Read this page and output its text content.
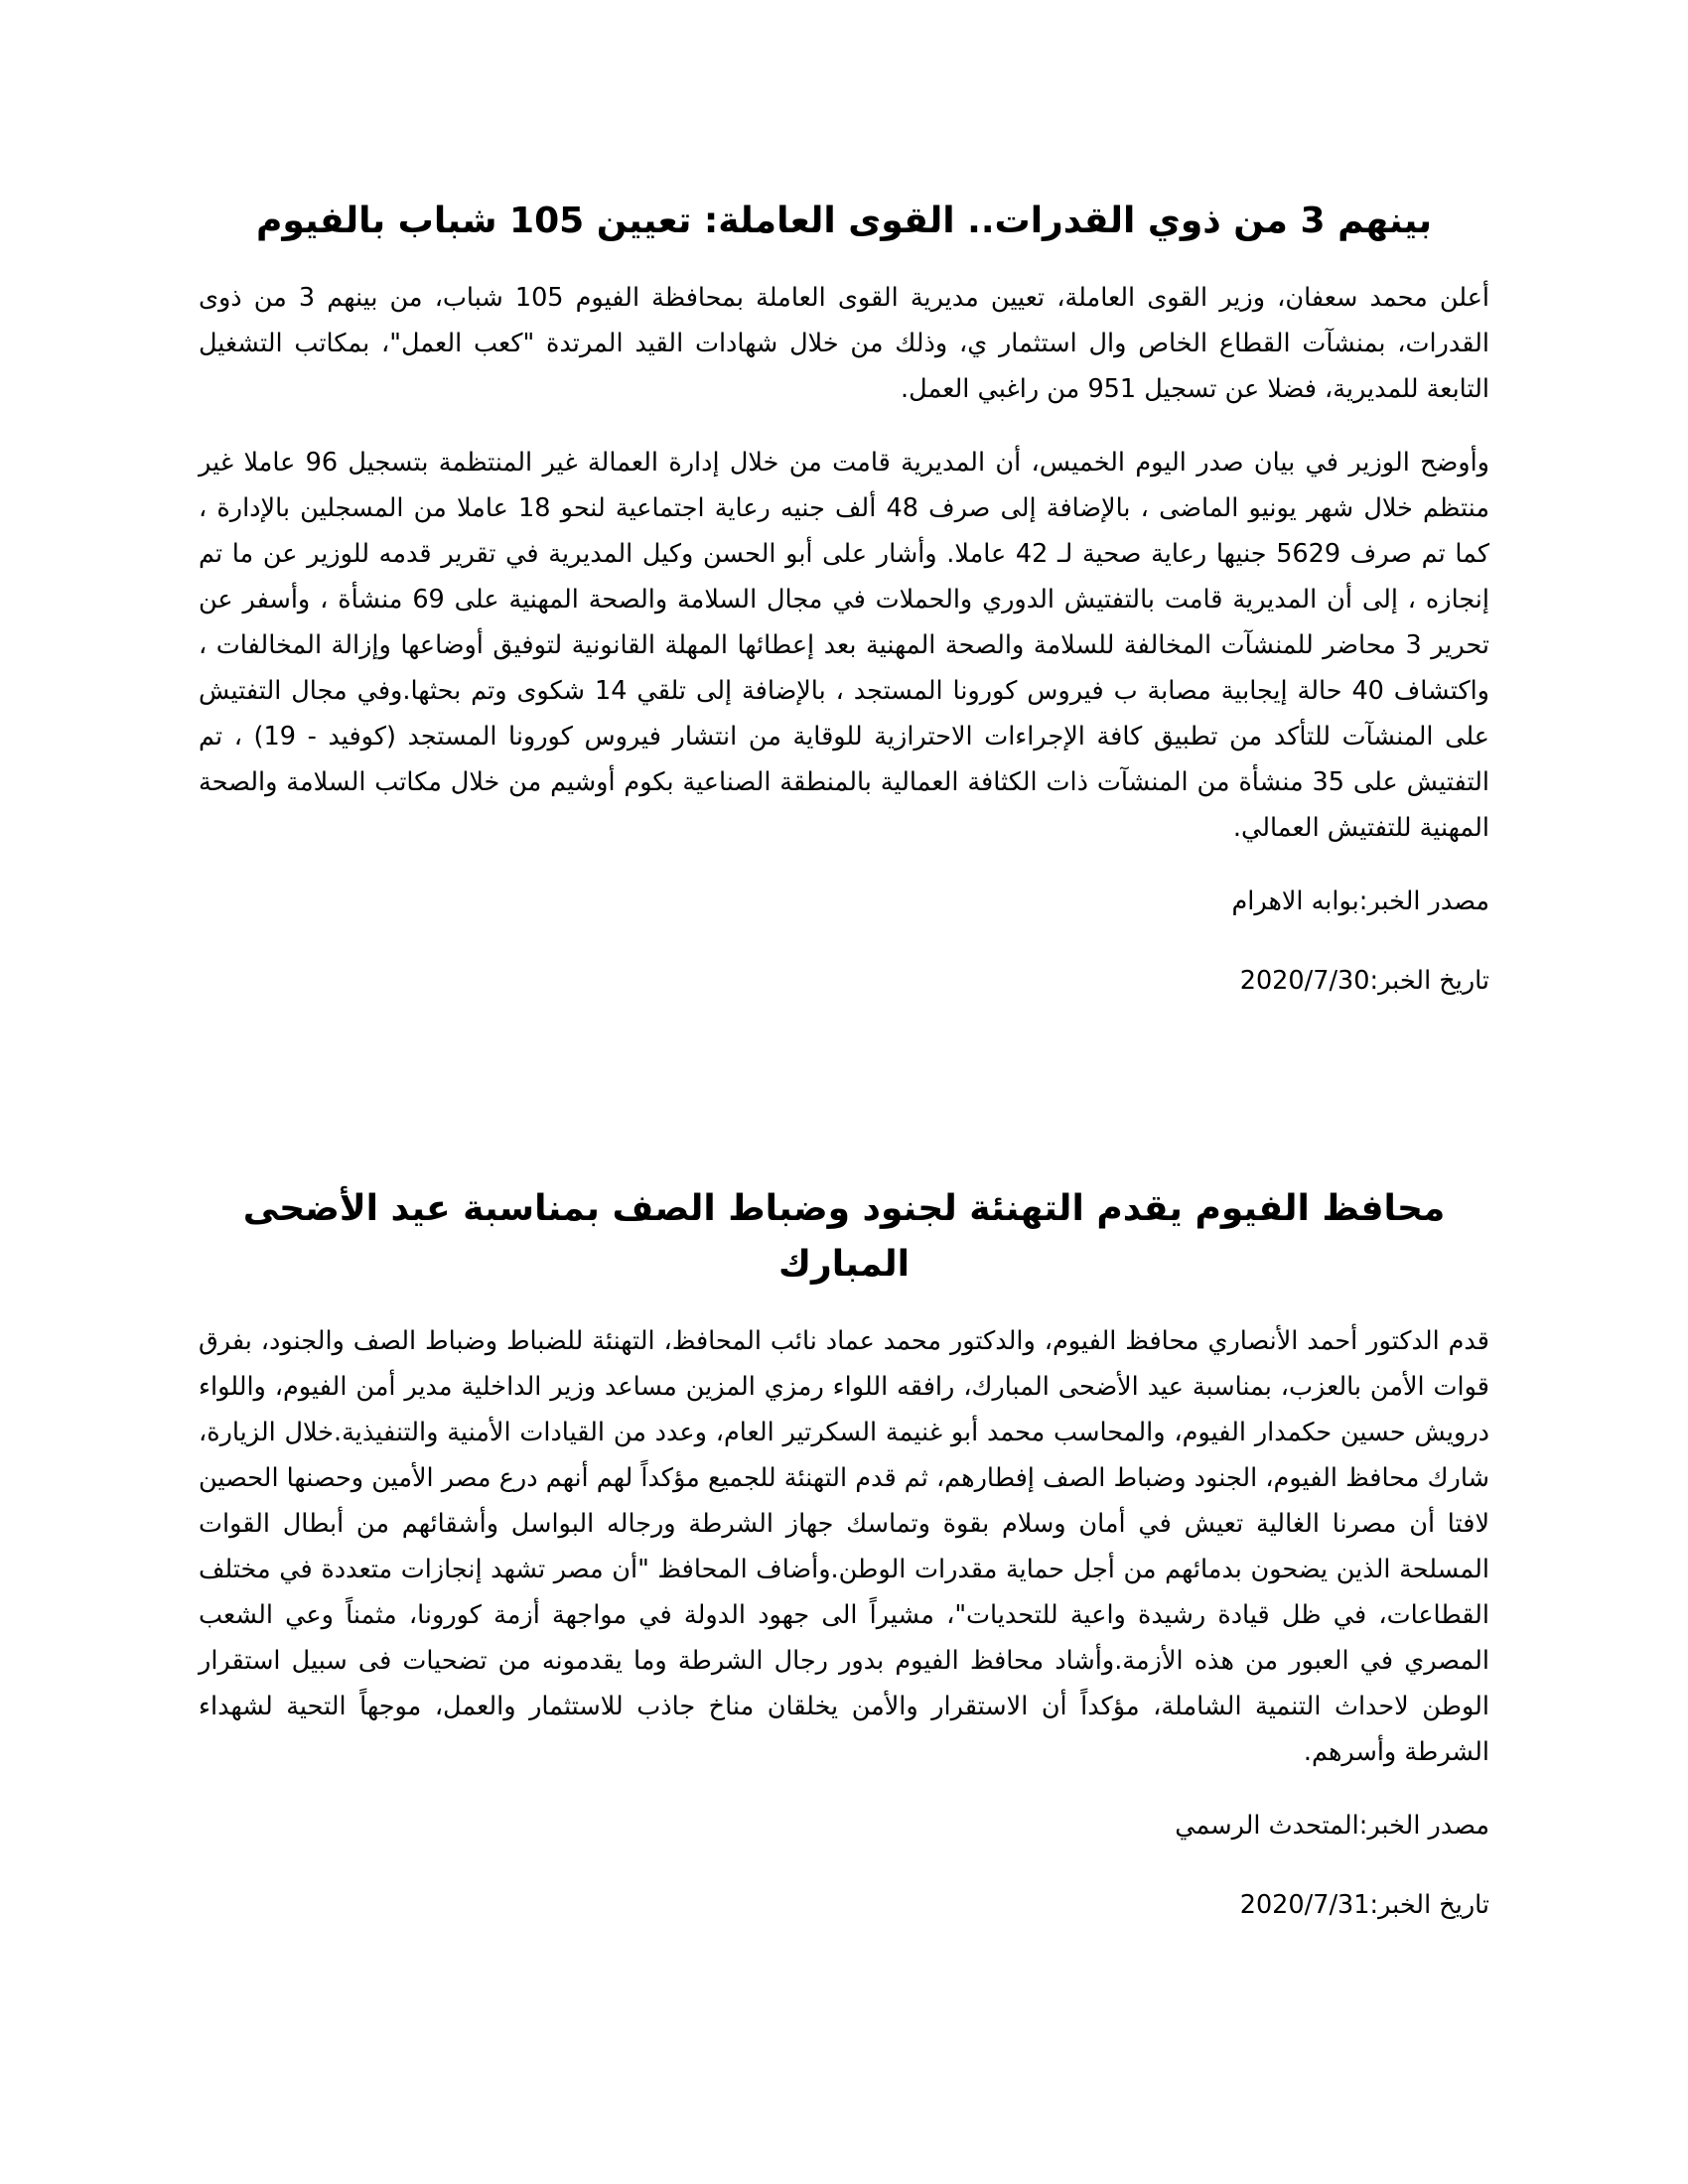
بينهم 3 من ذوي القدرات.. القوى العاملة: تعيين 105 شباب بالفيوم

أعلن محمد سعفان، وزير القوى العاملة، تعيين مديرية القوى العاملة بمحافظة الفيوم 105 شباب، من بينهم 3 من ذوى القدرات، بمنشآت القطاع الخاص وال استثمار ي، وذلك من خلال شهادات القيد المرتدة "كعب العمل"، بمكاتب التشغيل التابعة للمديرية، فضلا عن تسجيل 951 من راغبي العمل.

وأوضح الوزير في بيان صدر اليوم الخميس، أن المديرية قامت من خلال إدارة العمالة غير المنتظمة بتسجيل 96 عاملا غير منتظم خلال شهر يونيو الماضى ، بالإضافة إلى صرف 48 ألف جنيه رعاية اجتماعية لنحو 18 عاملا من المسجلين بالإدارة ، كما تم صرف 5629 جنيها رعاية صحية لـ 42 عاملا. وأشار على أبو الحسن وكيل المديرية في تقرير قدمه للوزير عن ما تم إنجازه ، إلى أن المديرية قامت بالتفتيش الدوري والحملات في مجال السلامة والصحة المهنية على 69 منشأة ، وأسفر عن تحرير 3 محاضر للمنشآت المخالفة للسلامة والصحة المهنية بعد إعطائها المهلة القانونية لتوفيق أوضاعها وإزالة المخالفات ، واكتشاف 40 حالة إيجابية مصابة ب فيروس كورونا المستجد ، بالإضافة إلى تلقي 14 شكوى وتم بحثها.وفي مجال التفتيش على المنشآت للتأكد من تطبيق كافة الإجراءات الاحترازية للوقاية من انتشار فيروس كورونا المستجد (كوفيد - 19) ، تم التفتيش على 35 منشأة من المنشآت ذات الكثافة العمالية بالمنطقة الصناعية بكوم أوشيم من خلال مكاتب السلامة والصحة المهنية للتفتيش العمالي.

مصدر الخبر:بوابه الاهرام

تاريخ الخبر:2020/7/30

محافظ الفيوم يقدم التهنئة لجنود وضباط الصف بمناسبة عيد الأضحى المبارك

قدم الدكتور أحمد الأنصاري محافظ الفيوم، والدكتور محمد عماد نائب المحافظ، التهنئة للضباط وضباط الصف والجنود، بفرق قوات الأمن بالعزب، بمناسبة عيد الأضحى المبارك، رافقه اللواء رمزي المزين مساعد وزير الداخلية مدير أمن الفيوم، واللواء درويش حسين حكمدار الفيوم، والمحاسب محمد أبو غنيمة السكرتير العام، وعدد من القيادات الأمنية والتنفيذية.خلال الزيارة، شارك محافظ الفيوم، الجنود وضباط الصف إفطارهم، ثم قدم التهنئة للجميع مؤكداً لهم أنهم درع مصر الأمين وحصنها الحصين لافتا أن مصرنا الغالية تعيش في أمان وسلام بقوة وتماسك جهاز الشرطة ورجاله البواسل وأشقائهم من أبطال القوات المسلحة الذين يضحون بدمائهم من أجل حماية مقدرات الوطن.وأضاف المحافظ "أن مصر تشهد إنجازات متعددة في مختلف القطاعات، في ظل قيادة رشيدة واعية للتحديات"، مشيراً الى جهود الدولة في مواجهة أزمة كورونا، مثمناً وعي الشعب المصري في العبور من هذه الأزمة.وأشاد محافظ الفيوم بدور رجال الشرطة وما يقدمونه من تضحيات فى سبيل استقرار الوطن لاحداث التنمية الشاملة، مؤكداً أن الاستقرار والأمن يخلقان مناخ جاذب للاستثمار والعمل، موجهاً التحية لشهداء الشرطة وأسرهم.

مصدر الخبر:المتحدث الرسمي

تاريخ الخبر:2020/7/31
